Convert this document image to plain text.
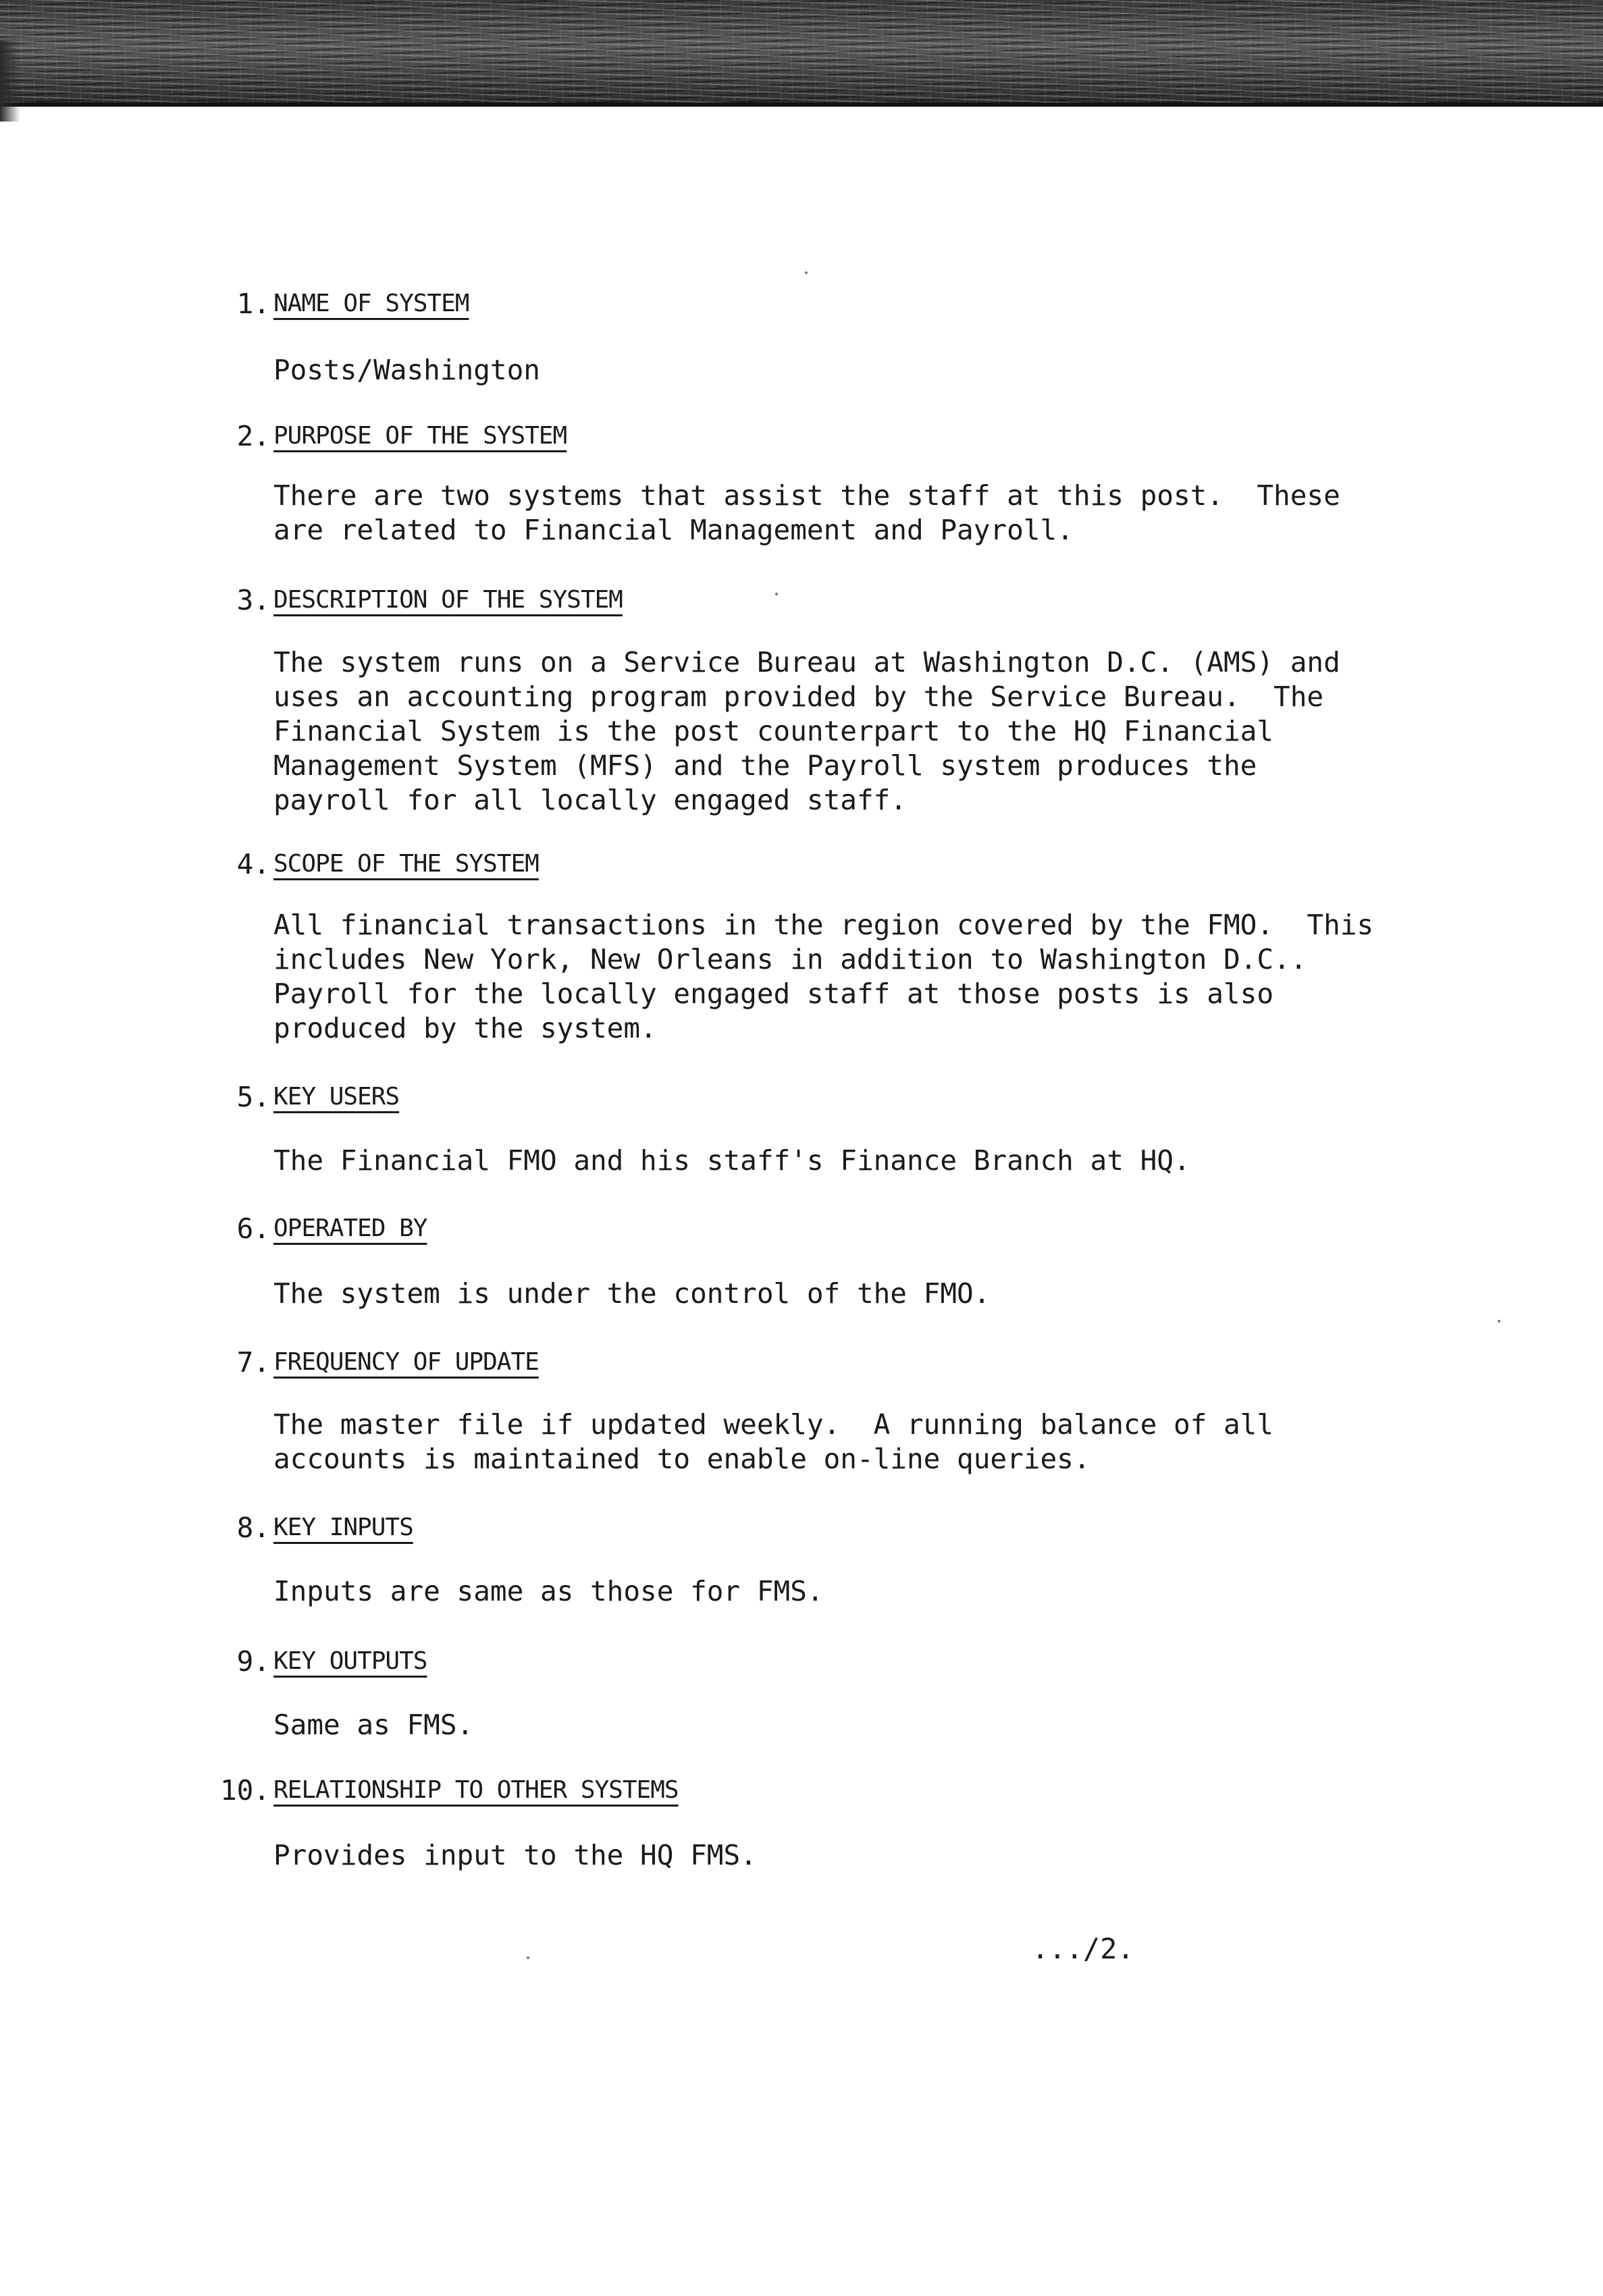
1. NAME OF SYSTEM
Posts/Washington
2. PURPOSE OF THE SYSTEM
There are two systems that assist the staff at this post.  These
are related to Financial Management and Payroll.
3. DESCRIPTION OF THE SYSTEM
The system runs on a Service Bureau at Washington D.C. (AMS) and
uses an accounting program provided by the Service Bureau.  The
Financial System is the post counterpart to the HQ Financial
Management System (MFS) and the Payroll system produces the
payroll for all locally engaged staff.
4. SCOPE OF THE SYSTEM
All financial transactions in the region covered by the FMO.  This
includes New York, New Orleans in addition to Washington D.C..
Payroll for the locally engaged staff at those posts is also
produced by the system.
5. KEY USERS
The Financial FMO and his staff's Finance Branch at HQ.
6. OPERATED BY
The system is under the control of the FMO.
7. FREQUENCY OF UPDATE
The master file if updated weekly.  A running balance of all
accounts is maintained to enable on-line queries.
8. KEY INPUTS
Inputs are same as those for FMS.
9. KEY OUTPUTS
Same as FMS.
10. RELATIONSHIP TO OTHER SYSTEMS
Provides input to the HQ FMS.
.../2.
